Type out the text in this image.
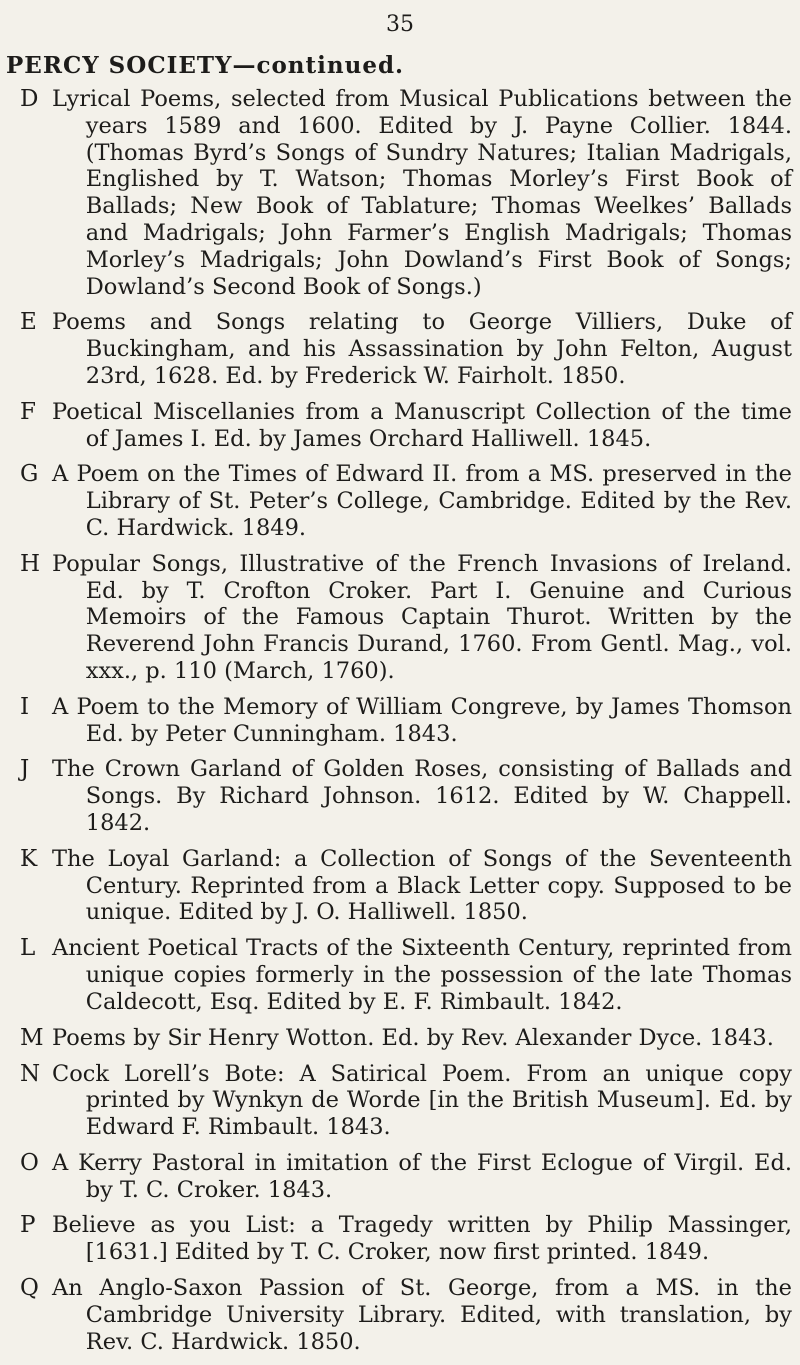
35
PERCY SOCIETY—continued.
D Lyrical Poems, selected from Musical Publications between the years 1589 and 1600. Edited by J. Payne Collier. 1844. (Thomas Byrd’s Songs of Sundry Natures; Italian Madrigals, Englished by T. Watson; Thomas Morley’s First Book of Ballads; New Book of Tablature; Thomas Weelkes’ Ballads and Madrigals; John Farmer’s English Madrigals; Thomas Morley’s Madrigals; John Dowland’s First Book of Songs; Dowland’s Second Book of Songs.)
E Poems and Songs relating to George Villiers, Duke of Buckingham, and his Assassination by John Felton, August 23rd, 1628. Ed. by Frederick W. Fairholt. 1850.
F Poetical Miscellanies from a Manuscript Collection of the time of James I. Ed. by James Orchard Halliwell. 1845.
G A Poem on the Times of Edward II. from a MS. preserved in the Library of St. Peter’s College, Cambridge. Edited by the Rev. C. Hardwick. 1849.
H Popular Songs, Illustrative of the French Invasions of Ireland. Ed. by T. Crofton Croker. Part I. Genuine and Curious Memoirs of the Famous Captain Thurot. Written by the Reverend John Francis Durand, 1760. From Gentl. Mag., vol. xxx., p. 110 (March, 1760).
I	A Poem to the Memory of William Congreve, by James Thomson Ed. by Peter Cunningham. 1843.
J	The Crown Garland of Golden Roses, consisting of Ballads and Songs. By Richard Johnson. 1612. Edited by W. Chappell. 1842.
K The Loyal Garland: a Collection of Songs of the Seventeenth Century. Reprinted from a Black Letter copy. Supposed to be unique. Edited by J. O. Halliwell. 1850.
L Ancient Poetical Tracts of the Sixteenth Century, reprinted from unique copies formerly in the possession of the late Thomas Caldecott, Esq. Edited by E. F. Rimbault. 1842.
M Poems by Sir Henry Wotton. Ed. by Rev. Alexander Dyce. 1843.
N Cock Lorell’s Bote: A Satirical Poem. From an unique copy printed by Wynkyn de Worde [in the British Museum]. Ed. by Edward F. Rimbault. 1843.
O A Kerry Pastoral in imitation of the First Eclogue of Virgil. Ed. by T. C. Croker. 1843.
P Believe as you List: a Tragedy written by Philip Massinger, [1631.] Edited by T. C. Croker, now first printed. 1849.
Q An Anglo-Saxon Passion of St. George, from a MS. in the Cambridge University Library. Edited, with translation, by Rev. C. Hardwick. 1850.
